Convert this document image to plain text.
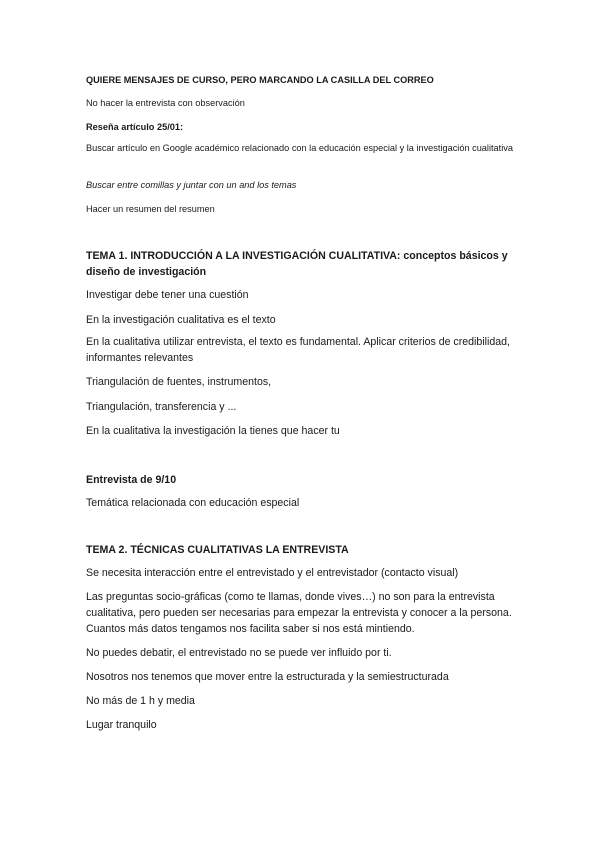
QUIERE MENSAJES DE CURSO, PERO MARCANDO LA CASILLA DEL CORREO

No hacer la entrevista con observación

Reseña artículo 25/01:

Buscar artículo en Google académico relacionado con la educación especial y la investigación cualitativa

Buscar entre comillas y juntar con un and los temas

Hacer un resumen del resumen

TEMA 1. INTRODUCCIÓN A LA INVESTIGACIÓN CUALITATIVA: conceptos básicos y diseño de investigación

Investigar debe tener una cuestión

En la investigación cualitativa es el texto

En la cualitativa utilizar entrevista, el texto es fundamental. Aplicar criterios de credibilidad, informantes relevantes

Triangulación de fuentes, instrumentos,

Triangulación, transferencia y ...

En la cualitativa la investigación la tienes que hacer tu

Entrevista de 9/10

Temática relacionada con educación especial

TEMA 2. TÉCNICAS CUALITATIVAS LA ENTREVISTA

Se necesita interacción entre el entrevistado y el entrevistador (contacto visual)

Las preguntas socio-gráficas (como te llamas, donde vives…) no son para la entrevista cualitativa, pero pueden ser necesarias para empezar la entrevista y conocer a la persona. Cuantos más datos tengamos nos facilita saber si nos está mintiendo.

No puedes debatir, el entrevistado no se puede ver influido por ti.

Nosotros nos tenemos que mover entre la estructurada y la semiestructurada

No más de 1 h y media

Lugar tranquilo
